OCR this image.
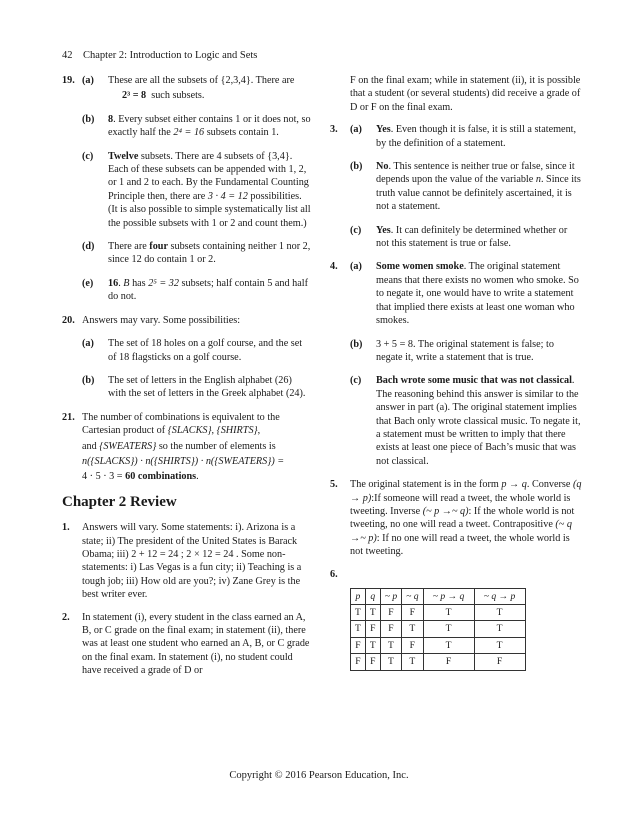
42 Chapter 2: Introduction to Logic and Sets
19. (a) These are all the subsets of {2,3,4}. There are
2³ = 8 such subsets.
(b) 8. Every subset either contains 1 or it does not, so exactly half the 2⁴ = 16 subsets contain 1.
(c) Twelve subsets. There are 4 subsets of {3,4}. Each of these subsets can be appended with 1, 2, or 1 and 2 to each. By the Fundamental Counting Principle then, there are 3 · 4 = 12 possibilities. (It is also possible to simple systematically list all the possible subsets with 1 or 2 and count them.)
(d) There are four subsets containing neither 1 nor 2, since 12 do contain 1 or 2.
(e) 16. B has 2⁵ = 32 subsets; half contain 5 and half do not.
20. Answers may vary. Some possibilities:
(a) The set of 18 holes on a golf course, and the set of 18 flagsticks on a golf course.
(b) The set of letters in the English alphabet (26) with the set of letters in the Greek alphabet (24).
21. The number of combinations is equivalent to the Cartesian product of {SLACKS}, {SHIRTS},
and {SWEATERS} so the number of elements is
n({SLACKS}) · n({SHIRTS}) · n({SWEATERS}) =
4 · 5 · 3 = 60 combinations.
Chapter 2 Review
1. Answers will vary. Some statements: i). Arizona is a state; ii) The president of the United States is Barack Obama; iii) 2 + 12 = 24 ; 2 × 12 = 24 . Some non-statements: i) Las Vegas is a fun city; ii) Teaching is a tough job; iii) How old are you?; iv) Zane Grey is the best writer ever.
2. In statement (i), every student in the class earned an A, B, or C grade on the final exam; in statement (ii), there was at least one student who earned an A, B, or C grade on the final exam. In statement (i), no student could have received a grade of D or
F on the final exam; while in statement (ii), it is possible that a student (or several students) did receive a grade of D or F on the final exam.
3. (a) Yes. Even though it is false, it is still a statement, by the definition of a statement.
(b) No. This sentence is neither true or false, since it depends upon the value of the variable n. Since its truth value cannot be definitely ascertained, it is not a statement.
(c) Yes. It can definitely be determined whether or not this statement is true or false.
4. (a) Some women smoke. The original statement means that there exists no women who smoke. So to negate it, one would have to write a statement that implied there exists at least one woman who smokes.
(b) 3 + 5 = 8. The original statement is false; to negate it, write a statement that is true.
(c) Bach wrote some music that was not classical. The reasoning behind this answer is similar to the answer in part (a). The original statement implies that Bach only wrote classical music. To negate it, a statement must be written to imply that there exists at least one piece of Bach’s music that was not classical.
5. The original statement is in the form p → q. Converse (q → p):If someone will read a tweet, the whole world is tweeting. Inverse (~ p →~ q): If the whole world is not tweeting, no one will read a tweet. Contrapositive (~ q →~ p): If no one will read a tweet, the whole world is not tweeting.
6.
p	q	~ p	~ q	~ p → q	~ q → p
T	T	F	F	T	T
T	F	F	T	T	T
F	T	T	F	T	T
F	F	T	T	F	F
Copyright © 2016 Pearson Education, Inc.
